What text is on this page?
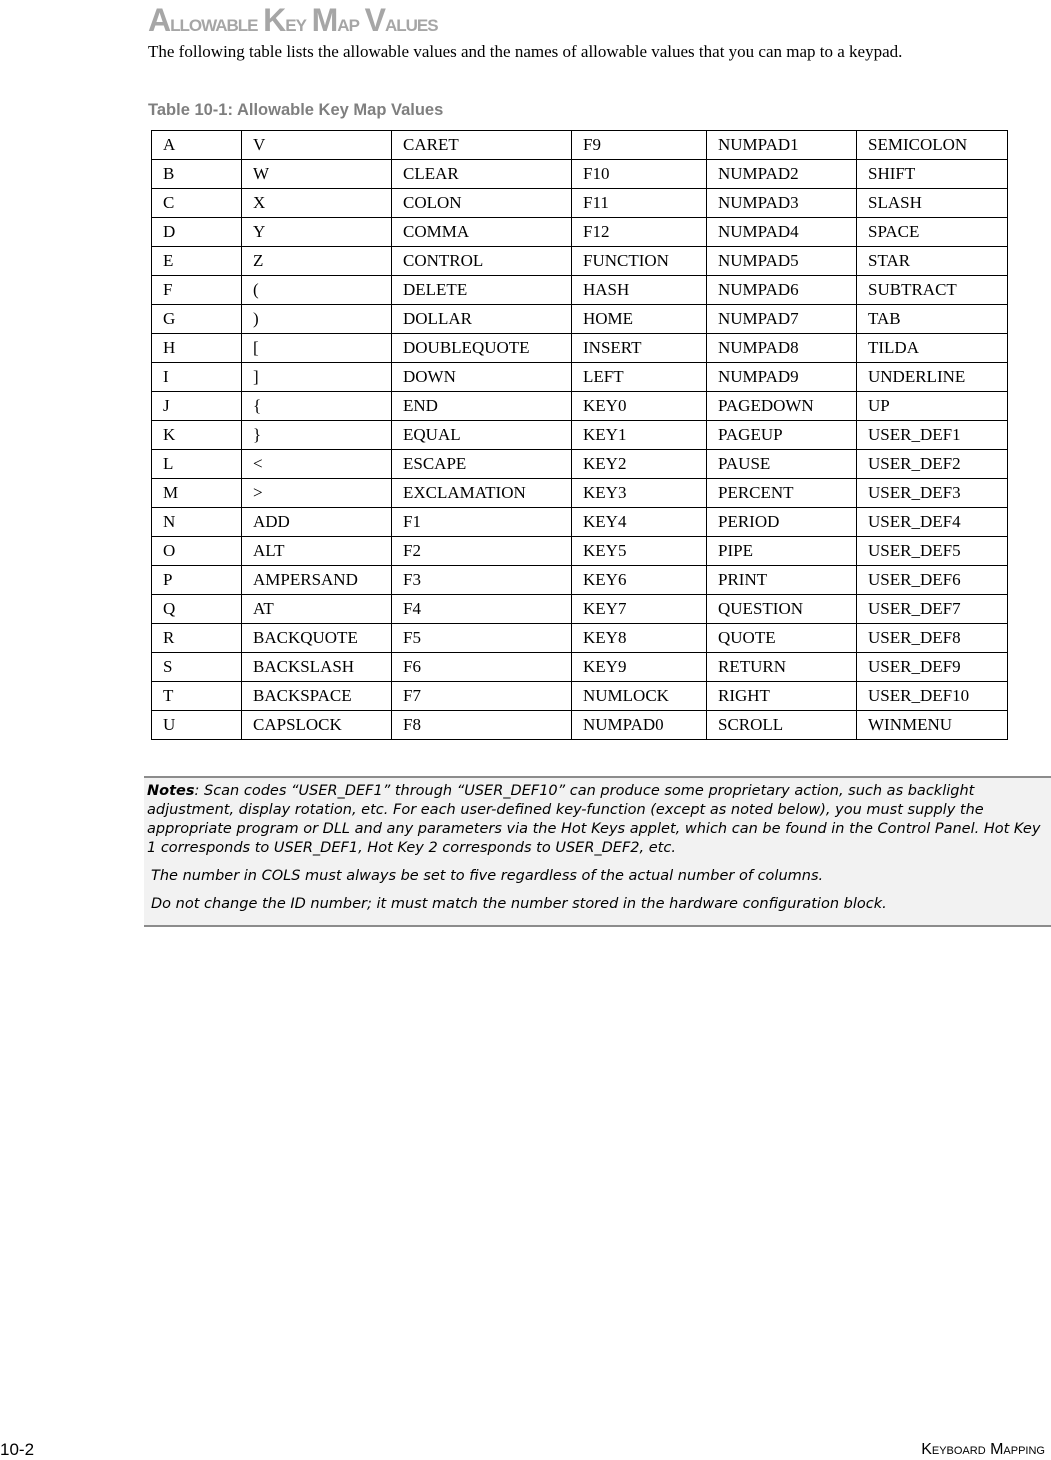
Allowable Key Map Values

The following table lists the allowable values and the names of allowable values that you can map to a keypad.

Table 10-1: Allowable Key Map Values

A	V	CARET	F9	NUMPAD1	SEMICOLON
B	W	CLEAR	F10	NUMPAD2	SHIFT
C	X	COLON	F11	NUMPAD3	SLASH
D	Y	COMMA	F12	NUMPAD4	SPACE
E	Z	CONTROL	FUNCTION	NUMPAD5	STAR
F	(	DELETE	HASH	NUMPAD6	SUBTRACT
G	)	DOLLAR	HOME	NUMPAD7	TAB
H	[	DOUBLEQUOTE	INSERT	NUMPAD8	TILDA
I	]	DOWN	LEFT	NUMPAD9	UNDERLINE
J	{	END	KEY0	PAGEDOWN	UP
K	}	EQUAL	KEY1	PAGEUP	USER_DEF1
L	<	ESCAPE	KEY2	PAUSE	USER_DEF2
M	>	EXCLAMATION	KEY3	PERCENT	USER_DEF3
N	ADD	F1	KEY4	PERIOD	USER_DEF4
O	ALT	F2	KEY5	PIPE	USER_DEF5
P	AMPERSAND	F3	KEY6	PRINT	USER_DEF6
Q	AT	F4	KEY7	QUESTION	USER_DEF7
R	BACKQUOTE	F5	KEY8	QUOTE	USER_DEF8
S	BACKSLASH	F6	KEY9	RETURN	USER_DEF9
T	BACKSPACE	F7	NUMLOCK	RIGHT	USER_DEF10
U	CAPSLOCK	F8	NUMPAD0	SCROLL	WINMENU

Notes: Scan codes “USER_DEF1” through “USER_DEF10” can produce some proprietary action, such as backlight adjustment, display rotation, etc. For each user-defined key-function (except as noted below), you must supply the appropriate program or DLL and any parameters via the Hot Keys applet, which can be found in the Control Panel. Hot Key 1 corresponds to USER_DEF1, Hot Key 2 corresponds to USER_DEF2, etc.

The number in COLS must always be set to five regardless of the actual number of columns.

Do not change the ID number; it must match the number stored in the hardware configuration block.

10-2	Keyboard Mapping
